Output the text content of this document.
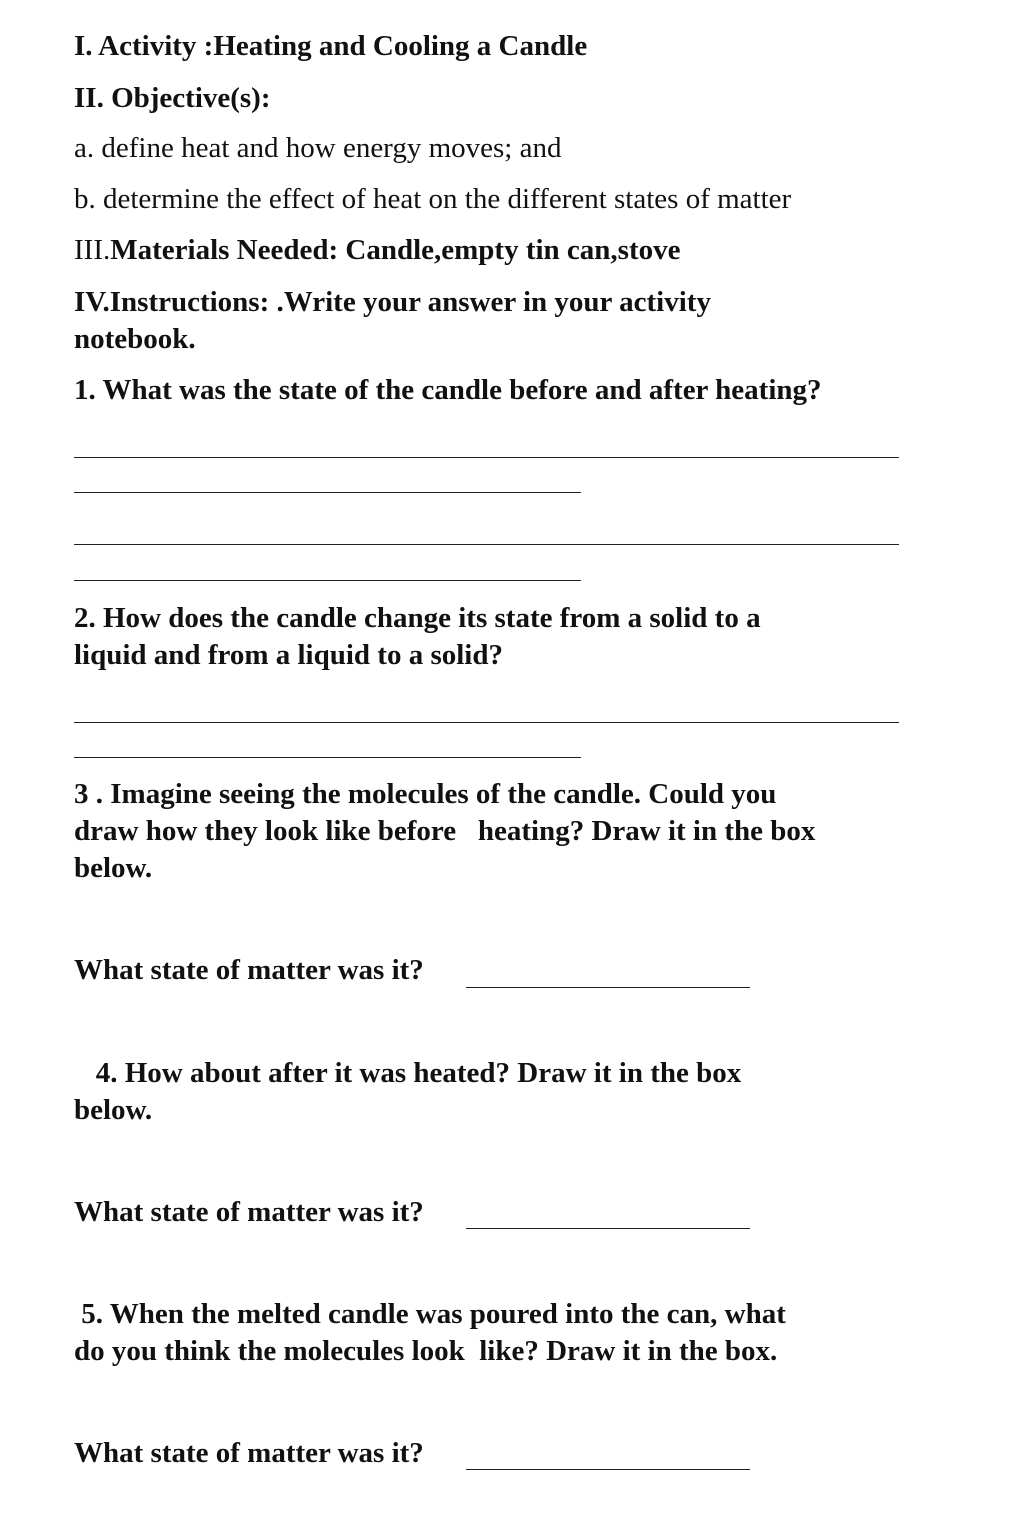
I. Activity :Heating and Cooling a Candle

II. Objective(s):

a. define heat and how energy moves; and

b. determine the effect of heat on the different states of matter

III.Materials Needed: Candle,empty tin can,stove

IV.Instructions: .Write your answer in your activity

notebook.

1. What was the state of the candle before and after heating?

2. How does the candle change its state from a solid to a

liquid and from a liquid to a solid?

3 . Imagine seeing the molecules of the candle. Could you

draw how they look like before   heating? Draw it in the box

below.

What state of matter was it?

4. How about after it was heated? Draw it in the box

below.

What state of matter was it?

5. When the melted candle was poured into the can, what

do you think the molecules look  like? Draw it in the box.

What state of matter was it?
